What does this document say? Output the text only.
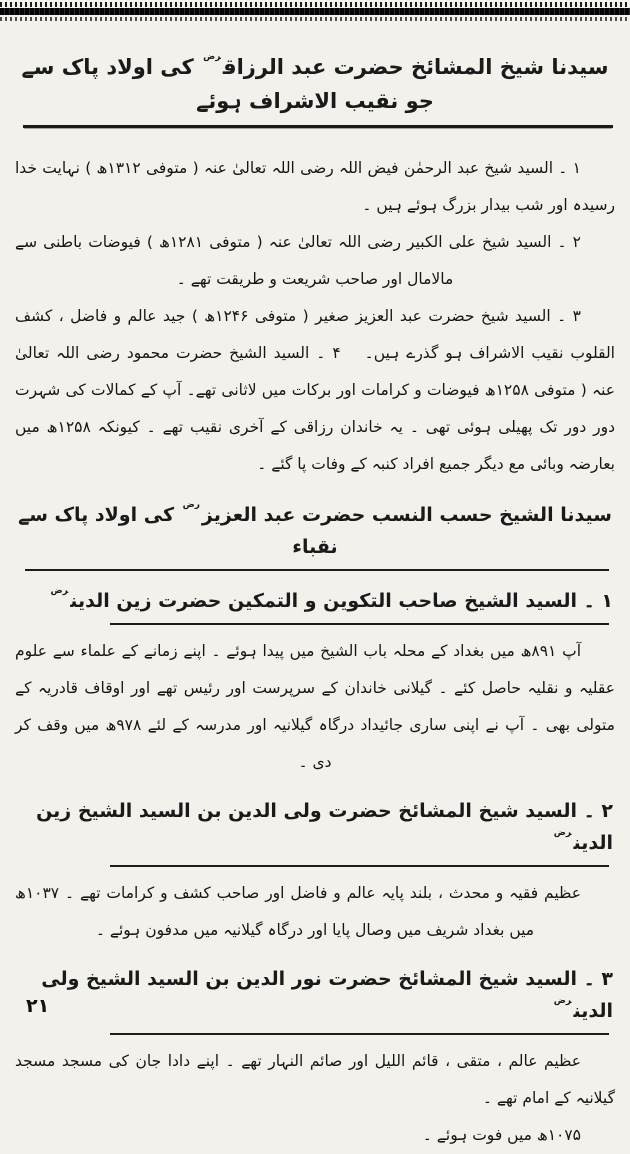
سیدنا شیخ المشائخ حضرت عبد الرزاق$^{رض}$ کی اولاد پاک سے جو نقیب الاشراف ہوئے

۱ ۔ السید شیخ عبد الرحمٰن فیض اللہ رضی اللہ تعالیٰ عنہ ( متوفی ۱۳۱۲ھ ) نہایت خدا رسیدہ اور شب بیدار بزرگ ہوئے ہیں ۔

۲ ۔ السید شیخ علی الکبیر رضی اللہ تعالیٰ عنہ ( متوفی ۱۲۸۱ھ ) فیوضات باطنی سے مالامال اور صاحب شریعت و طریقت تھے ۔

۳ ۔ السید شیخ حضرت عبد العزیز صغیر ( متوفی ۱۲۴۶ھ ) جید عالم و فاضل ، کشف القلوب نقیب الاشراف ہو گذرے ہیں۔۴ ۔ السید الشیخ حضرت محمود رضی اللہ تعالیٰ عنہ ( متوفی ۱۲۵۸ھ فیوضات و کرامات اور برکات میں لاثانی تھے۔ آپ کے کمالات کی شہرت دور دور تک پھیلی ہوئی تھی ۔ یہ خاندان رزاقی کے آخری نقیب تھے ۔ کیونکہ ۱۲۵۸ھ میں بعارضہ وبائی مع دیگر جمیع افراد کنبہ کے وفات پا گئے ۔

سیدنا الشیخ حسب النسب حضرت عبد العزیز$^{رض}$ کی اولاد پاک سے نقباء
۱ ۔ السید الشیخ صاحب التکوین و التمکین حضرت زین الدین$^{رض}$

آپ ۸۹۱ھ میں بغداد کے محلہ باب الشیخ میں پیدا ہوئے ۔ اپنے زمانے کے علماء سے علوم عقلیہ و نقلیہ حاصل کئے ۔ گیلانی خاندان کے سرپرست اور رئیس تھے اور اوقاف قادریہ کے متولی بھی ۔ آپ نے اپنی ساری جائیداد درگاہ گیلانیہ اور مدرسہ کے لئے ۹۷۸ھ میں وقف کر دی ۔

۲ ۔ السید شیخ المشائخ حضرت ولی الدین بن السید الشیخ زین الدین$^{رض}$

عظیم فقیہ و محدث ، بلند پایہ عالم و فاضل اور صاحب کشف و کرامات تھے ۔ ۱۰۳۷ھ میں بغداد شریف میں وصال پایا اور درگاہ گیلانیہ میں مدفون ہوئے ۔

۳ ۔ السید شیخ المشائخ حضرت نور الدین بن السید الشیخ ولی الدین$^{رض}$

عظیم عالم ، متقی ، قائم اللیل اور صائم النہار تھے ۔ اپنے دادا جان کی مسجد مسجد گیلانیہ کے امام تھے ۔

۱۰۷۵ھ میں فوت ہوئے ۔
۲۱
